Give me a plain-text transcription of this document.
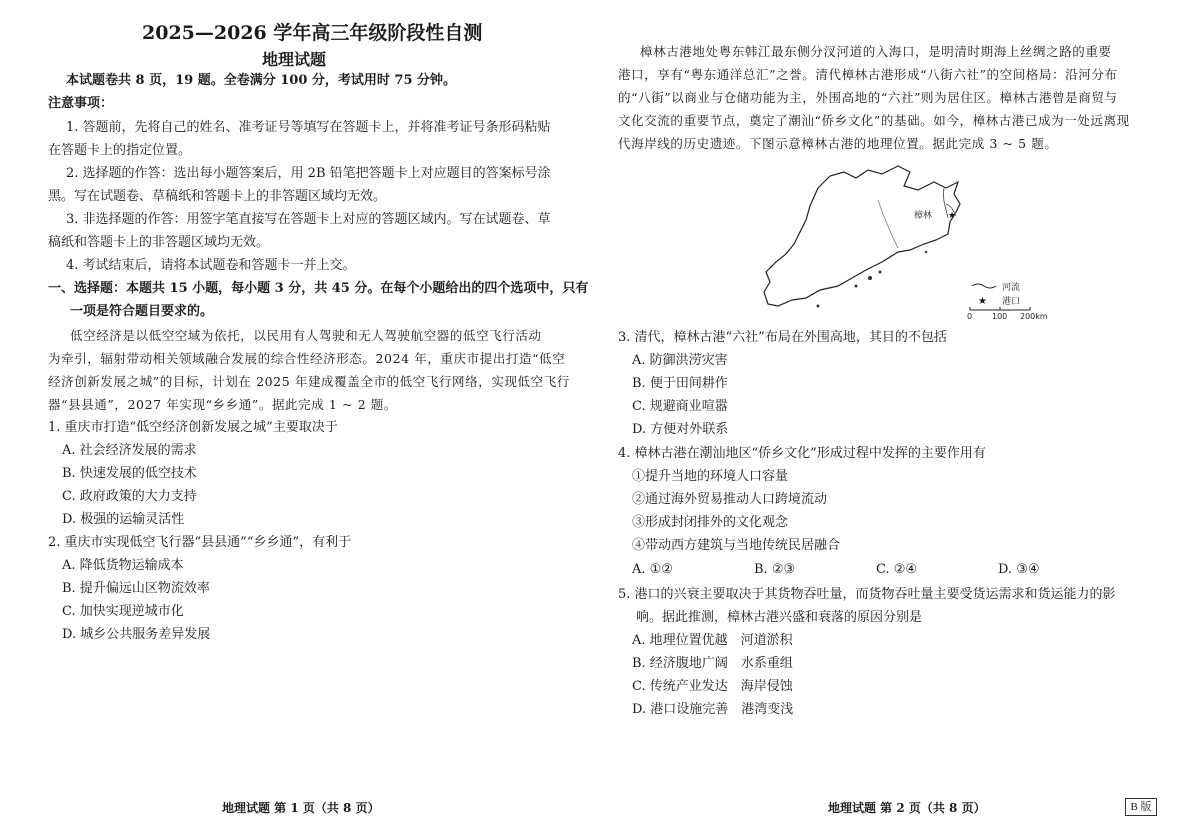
2025—2026 学年高三年级阶段性自测
地理试题
本试题卷共 8 页，19 题。全卷满分 100 分，考试用时 75 分钟。
注意事项：
1. 答题前，先将自己的姓名、准考证号等填写在答题卡上，并将准考证号条形码粘贴
在答题卡上的指定位置。
2. 选择题的作答：选出每小题答案后，用 2B 铅笔把答题卡上对应题目的答案标号涂
黑。写在试题卷、草稿纸和答题卡上的非答题区域均无效。
3. 非选择题的作答：用签字笔直接写在答题卡上对应的答题区域内。写在试题卷、草
稿纸和答题卡上的非答题区域均无效。
4. 考试结束后，请将本试题卷和答题卡一并上交。
一、选择题：本题共 15 小题，每小题 3 分，共 45 分。在每个小题给出的四个选项中，只有
一项是符合题目要求的。
低空经济是以低空空域为依托，以民用有人驾驶和无人驾驶航空器的低空飞行活动
为牵引，辐射带动相关领域融合发展的综合性经济形态。2024 年，重庆市提出打造“低空
经济创新发展之城”的目标，计划在 2025 年建成覆盖全市的低空飞行网络，实现低空飞行
器“县县通”，2027 年实现“乡乡通”。据此完成 1 ~ 2 题。
1. 重庆市打造“低空经济创新发展之城”主要取决于
A. 社会经济发展的需求
B. 快速发展的低空技术
C. 政府政策的大力支持
D. 极强的运输灵活性
2. 重庆市实现低空飞行器“县县通”“乡乡通”，有利于
A. 降低货物运输成本
B. 提升偏远山区物流效率
C. 加快实现逆城市化
D. 城乡公共服务差异发展
地理试题 第 1 页（共 8 页）
樟林古港地处粤东韩江最东侧分汊河道的入海口，是明清时期海上丝绸之路的重要
港口，享有“粤东通洋总汇”之誉。清代樟林古港形成“八街六社”的空间格局：沿河分布
的“八街”以商业与仓储功能为主，外围高地的“六社”则为居住区。樟林古港曾是商贸与
文化交流的重要节点，奠定了潮汕“侨乡文化”的基础。如今，樟林古港已成为一处远离现
代海岸线的历史遗迹。下图示意樟林古港的地理位置。据此完成 3 ~ 5 题。
3. 清代，樟林古港“六社”布局在外围高地，其目的不包括
A. 防御洪涝灾害
B. 便于田间耕作
C. 规避商业喧嚣
D. 方便对外联系
4. 樟林古港在潮汕地区“侨乡文化”形成过程中发挥的主要作用有
①提升当地的环境人口容量
②通过海外贸易推动人口跨境流动
③形成封闭排外的文化观念
④带动西方建筑与当地传统民居融合
A. ①②	B. ②③	C. ②④	D. ③④
5. 港口的兴衰主要取决于其货物吞吐量，而货物吞吐量主要受货运需求和货运能力的影
响。据此推测，樟林古港兴盛和衰落的原因分别是
A. 地理位置优越　河道淤积
B. 经济腹地广阔　水系重组
C. 传统产业发达　海岸侵蚀
D. 港口设施完善　港湾变浅
★
樟林
河流
★ 港口
0 100 200km
地理试题 第 2 页（共 8 页）	B 版
